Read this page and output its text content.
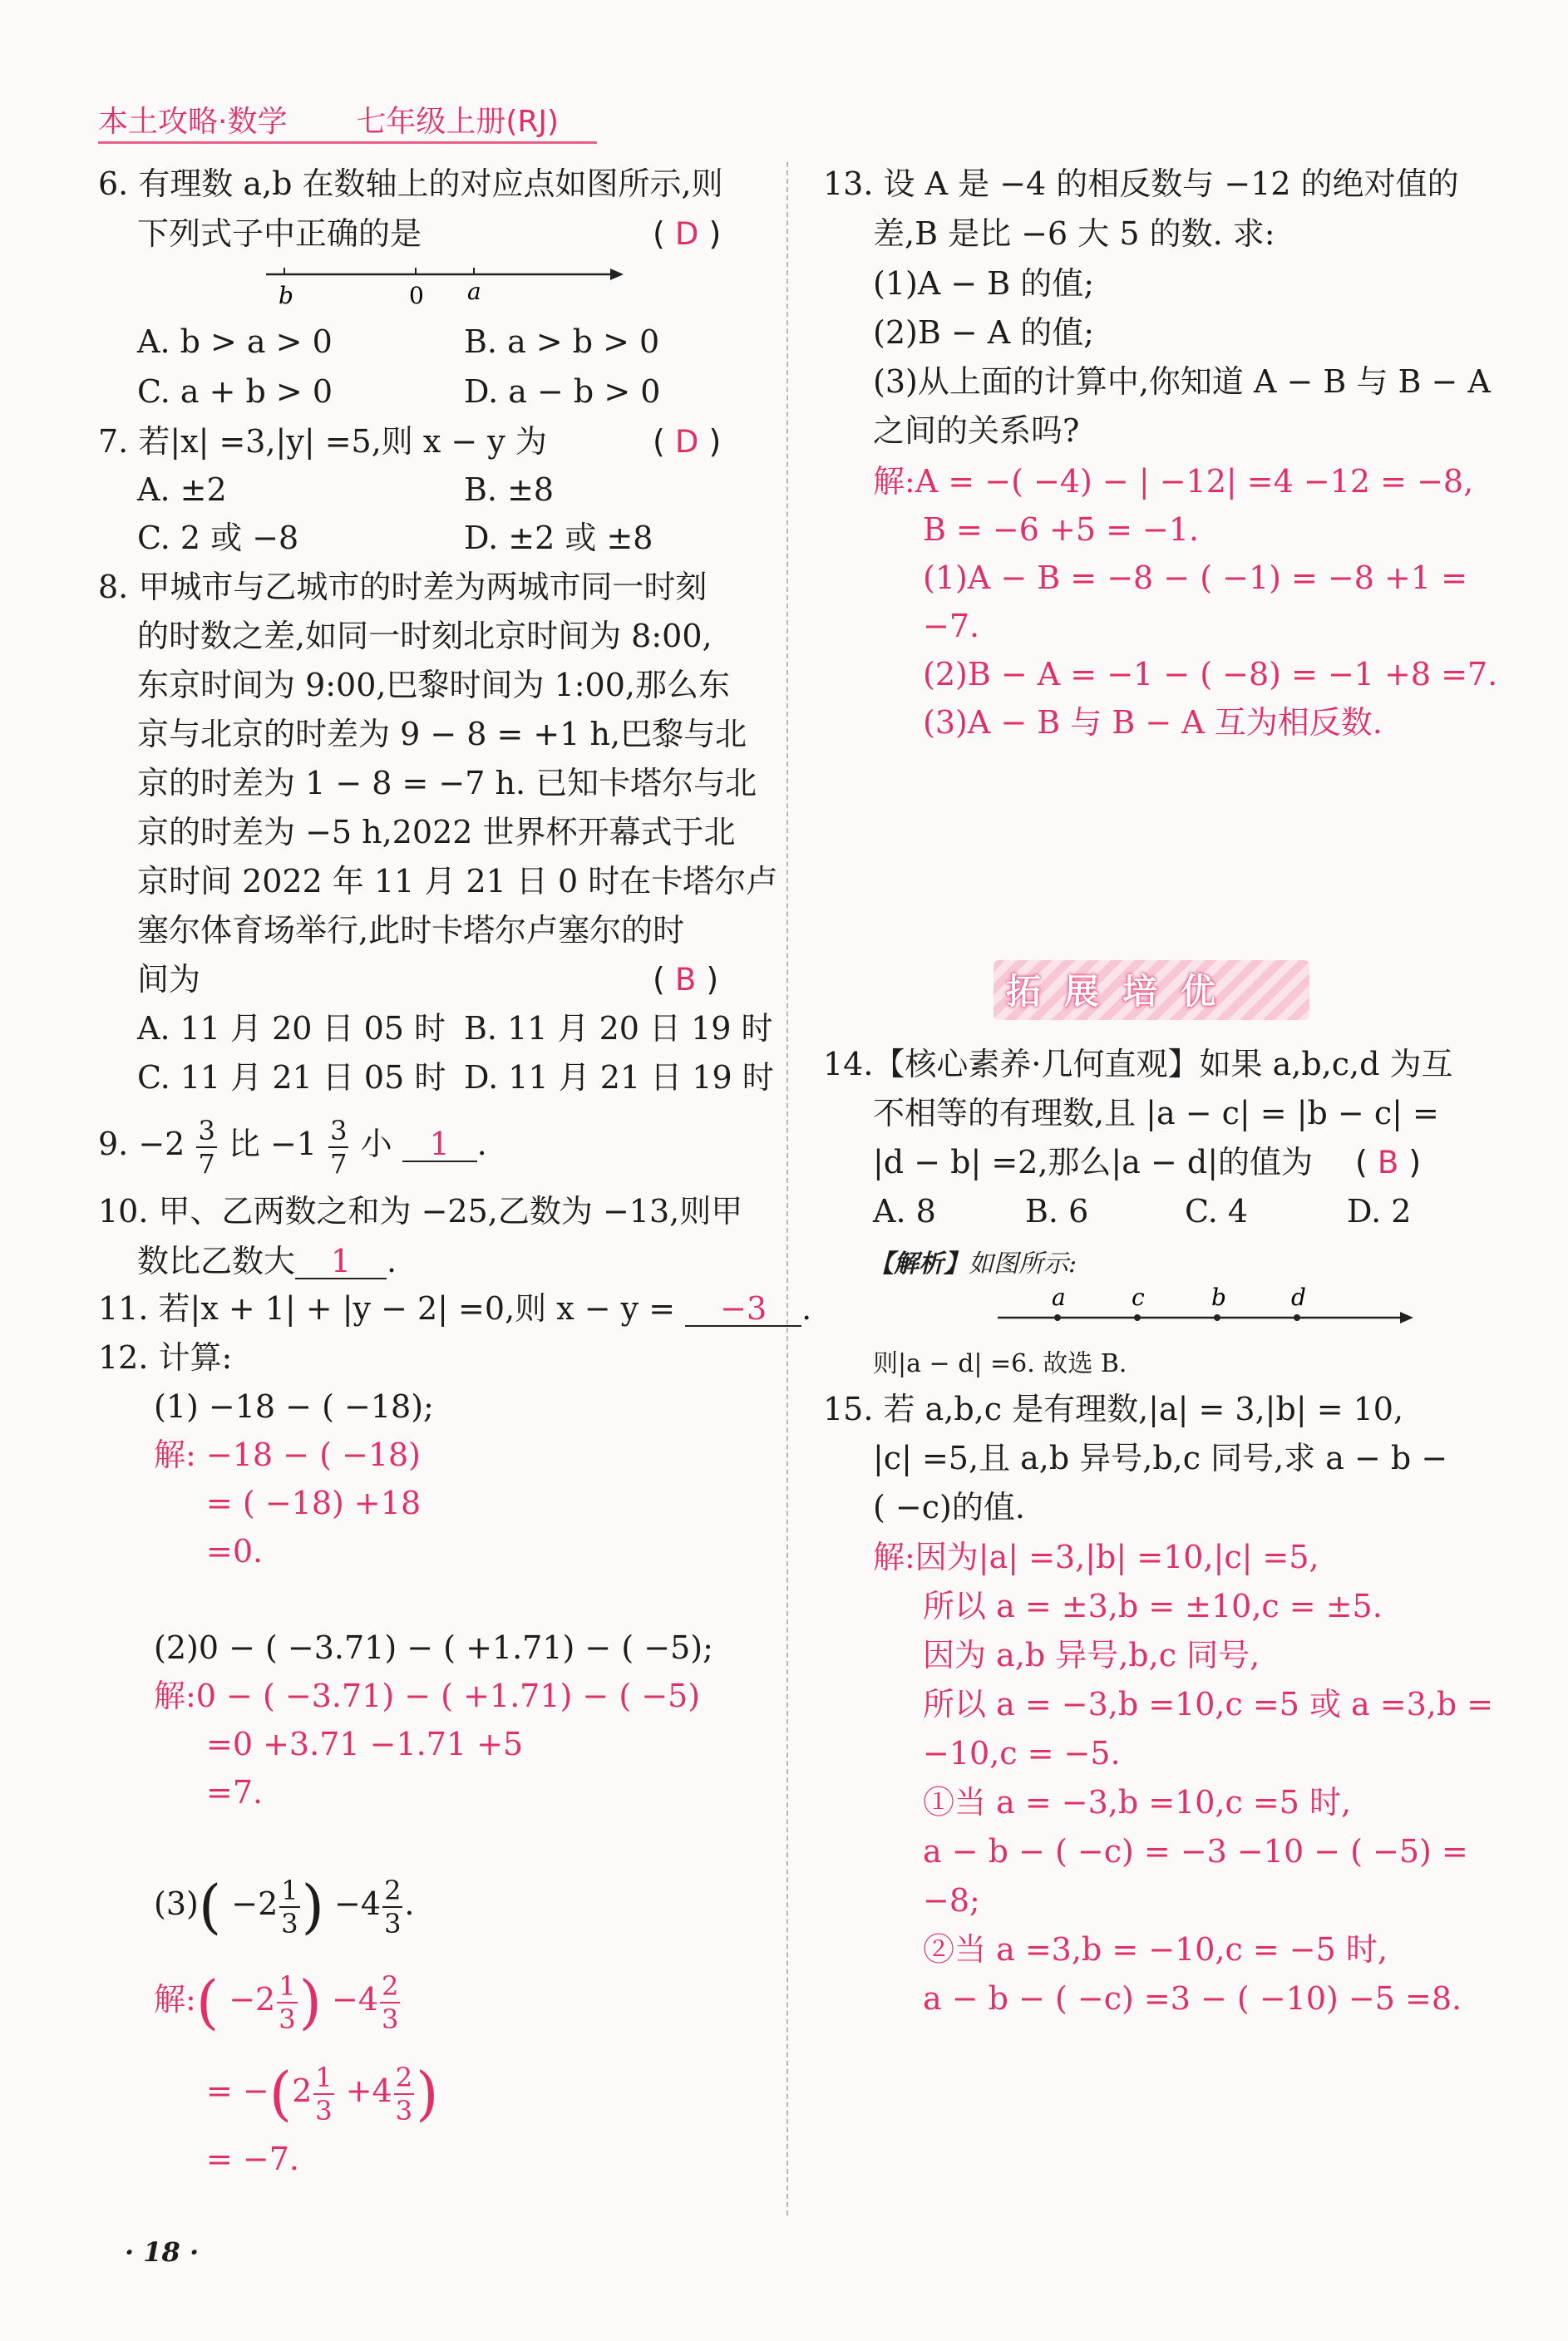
本土攻略·数学 七年级上册(RJ)
6. 有理数 a,b 在数轴上的对应点如图所示,则
下列式子中正确的是	( D )
b	0 a
A. b > a > 0	B. a > b > 0
C. a + b > 0	D. a − b > 0
7. 若|x| =3,|y| =5,则 x − y 为	( D )
A. ±2	B. ±8
C. 2 或 −8	D. ±2 或 ±8
8. 甲城市与乙城市的时差为两城市同一时刻
的时数之差,如同一时刻北京时间为 8:00,
东京时间为 9:00,巴黎时间为 1:00,那么东
京与北京的时差为 9 − 8 = +1 h,巴黎与北
京的时差为 1 − 8 = −7 h. 已知卡塔尔与北
京的时差为 −5 h,2022 世界杯开幕式于北
京时间 2022 年 11 月 21 日 0 时在卡塔尔卢
塞尔体育场举行,此时卡塔尔卢塞尔的时
间为	( B )
A. 11 月 20 日 05 时 B. 11 月 20 日 19 时
C. 11 月 21 日 05 时 D. 11 月 21 日 19 时
9. $-2 \frac{3}{7}$ 比 $-1 \frac{3}{7}$ 小 1 .
10. 甲、乙两数之和为 −25,乙数为 −13,则甲
数比乙数大 1 .
11. 若|x + 1| + |y − 2| =0,则 x − y = −3 .
12. 计算:
(1) −18 − ( −18);
解: −18 − ( −18)
= ( −18) +18
=0.
(2)0 − ( −3.71) − ( +1.71) − ( −5);
解:0 − ( −3.71) − ( +1.71) − ( −5)
=0 +3.71 −1.71 +5
=7.
$(3)( -2 \frac{1}{3}$ ) $-4 \frac{2}{3}$ .
解:( $-2 \frac{1}{3}$ ) $-4 \frac{2}{3}$
= $-(2 \frac{1}{3} +4 \frac{2}{3}$ )
= −7.
· 18 ·
13. 设 A 是 −4 的相反数与 −12 的绝对值的
差,B 是比 −6 大 5 的数. 求:
(1)A − B 的值;
(2)B − A 的值;
(3)从上面的计算中,你知道 A − B 与 B − A
之间的关系吗?
解:A = −( −4) − | −12| =4 −12 = −8,
B = −6 +5 = −1.
(1)A − B = −8 − ( −1) = −8 +1 =
−7.
(2)B − A = −1 − ( −8) = −1 +8 =7.
(3)A − B 与 B − A 互为相反数.
拓展培优
14.【核心素养·几何直观】如果 a,b,c,d 为互
不相等的有理数,且 |a − c| = |b − c| =
|d − b| =2,那么|a − d|的值为 ( B )
A. 8	B. 6	C. 4	D. 2
【解析】如图所示:
a	c	b	d
则|a − d| =6. 故选 B.
15. 若 a,b,c 是有理数,|a| = 3,|b| = 10,
|c| =5,且 a,b 异号,b,c 同号,求 a − b −
( −c)的值.
解:因为|a| =3,|b| =10,|c| =5,
所以 a = ±3,b = ±10,c = ±5.
因为 a,b 异号,b,c 同号,
所以 a = −3,b =10,c =5 或 a =3,b =
−10,c = −5.
①当 a = −3,b =10,c =5 时,
a − b − ( −c) = −3 −10 − ( −5) =
−8;
②当 a =3,b = −10,c = −5 时,
a − b − ( −c) =3 − ( −10) −5 =8.
